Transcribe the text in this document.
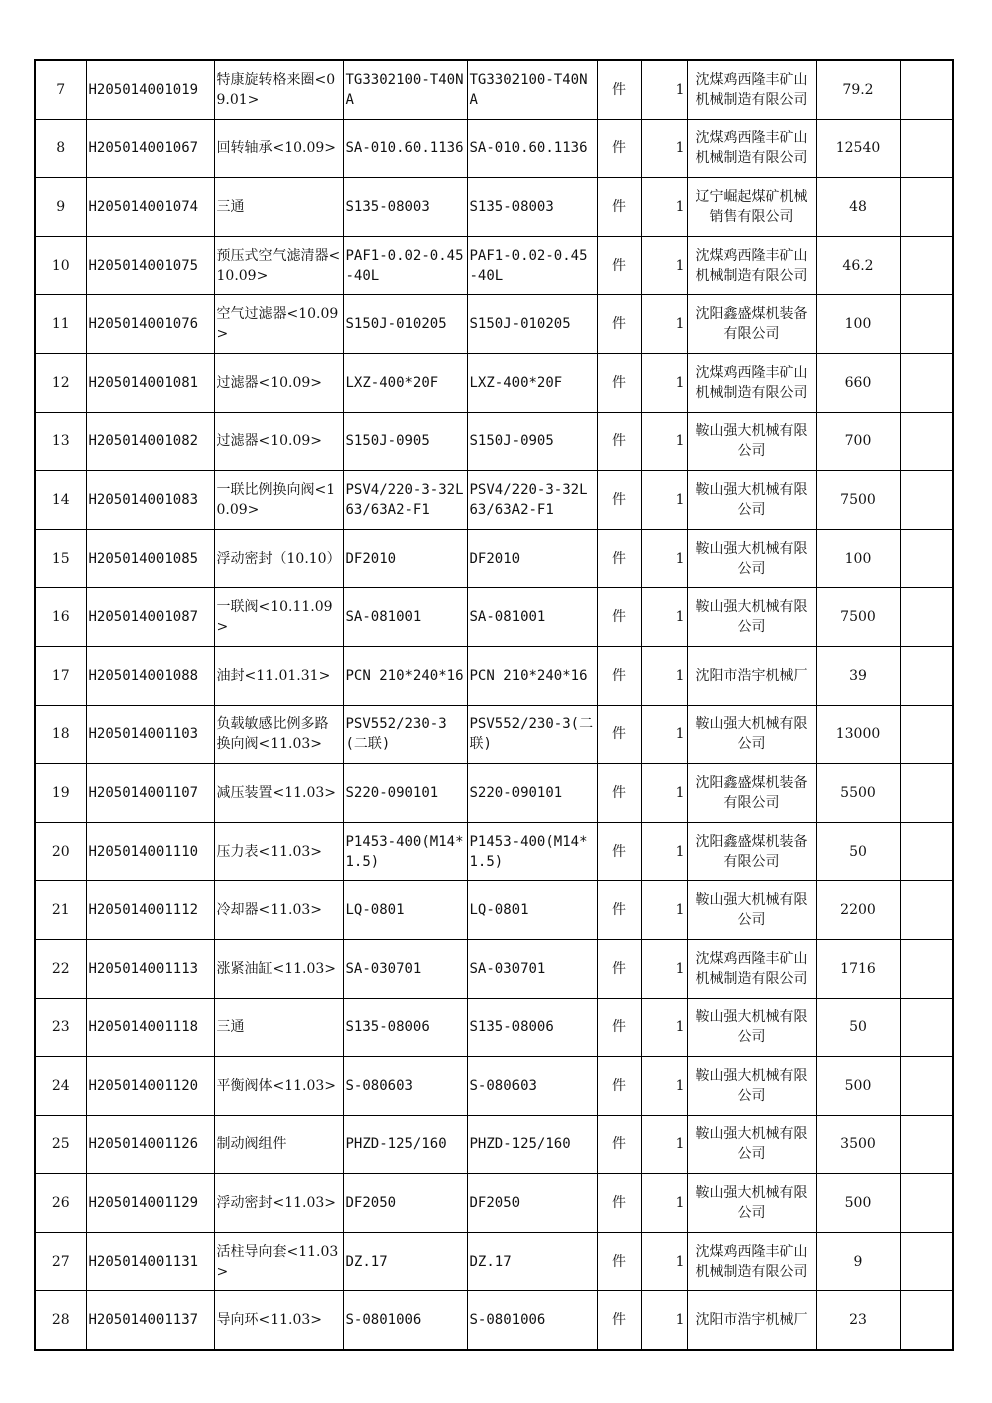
7	H205014001019	特康旋转格来圈<09.01>	TG3302100-T40NA	TG3302100-T40NA	件	1	沈煤鸡西隆丰矿山机械制造有限公司	79.2	
8	H205014001067	回转轴承<10.09>	SA-010.60.1136	SA-010.60.1136	件	1	沈煤鸡西隆丰矿山机械制造有限公司	12540	
9	H205014001074	三通	S135-08003	S135-08003	件	1	辽宁崛起煤矿机械销售有限公司	48	
10	H205014001075	预压式空气滤清器<10.09>	PAF1-0.02-0.45-40L	PAF1-0.02-0.45-40L	件	1	沈煤鸡西隆丰矿山机械制造有限公司	46.2	
11	H205014001076	空气过滤器<10.09>	S150J-010205	S150J-010205	件	1	沈阳鑫盛煤机装备有限公司	100	
12	H205014001081	过滤器<10.09>	LXZ-400*20F	LXZ-400*20F	件	1	沈煤鸡西隆丰矿山机械制造有限公司	660	
13	H205014001082	过滤器<10.09>	S150J-0905	S150J-0905	件	1	鞍山强大机械有限公司	700	
14	H205014001083	一联比例换向阀<10.09>	PSV4/220-3-32L63/63A2-F1	PSV4/220-3-32L63/63A2-F1	件	1	鞍山强大机械有限公司	7500	
15	H205014001085	浮动密封（10.10）	DF2010	DF2010	件	1	鞍山强大机械有限公司	100	
16	H205014001087	一联阀<10.11.09>	SA-081001	SA-081001	件	1	鞍山强大机械有限公司	7500	
17	H205014001088	油封<11.01.31>	PCN 210*240*16	PCN 210*240*16	件	1	沈阳市浩宇机械厂	39	
18	H205014001103	负载敏感比例多路换向阀<11.03>	PSV552/230-3(二联)	PSV552/230-3(二联)	件	1	鞍山强大机械有限公司	13000	
19	H205014001107	减压装置<11.03>	S220-090101	S220-090101	件	1	沈阳鑫盛煤机装备有限公司	5500	
20	H205014001110	压力表<11.03>	P1453-400(M14*1.5)	P1453-400(M14*1.5)	件	1	沈阳鑫盛煤机装备有限公司	50	
21	H205014001112	冷却器<11.03>	LQ-0801	LQ-0801	件	1	鞍山强大机械有限公司	2200	
22	H205014001113	涨紧油缸<11.03>	SA-030701	SA-030701	件	1	沈煤鸡西隆丰矿山机械制造有限公司	1716	
23	H205014001118	三通	S135-08006	S135-08006	件	1	鞍山强大机械有限公司	50	
24	H205014001120	平衡阀体<11.03>	S-080603	S-080603	件	1	鞍山强大机械有限公司	500	
25	H205014001126	制动阀组件	PHZD-125/160	PHZD-125/160	件	1	鞍山强大机械有限公司	3500	
26	H205014001129	浮动密封<11.03>	DF2050	DF2050	件	1	鞍山强大机械有限公司	500	
27	H205014001131	活柱导向套<11.03>	DZ.17	DZ.17	件	1	沈煤鸡西隆丰矿山机械制造有限公司	9	
28	H205014001137	导向环<11.03>	S-0801006	S-0801006	件	1	沈阳市浩宇机械厂	23	
